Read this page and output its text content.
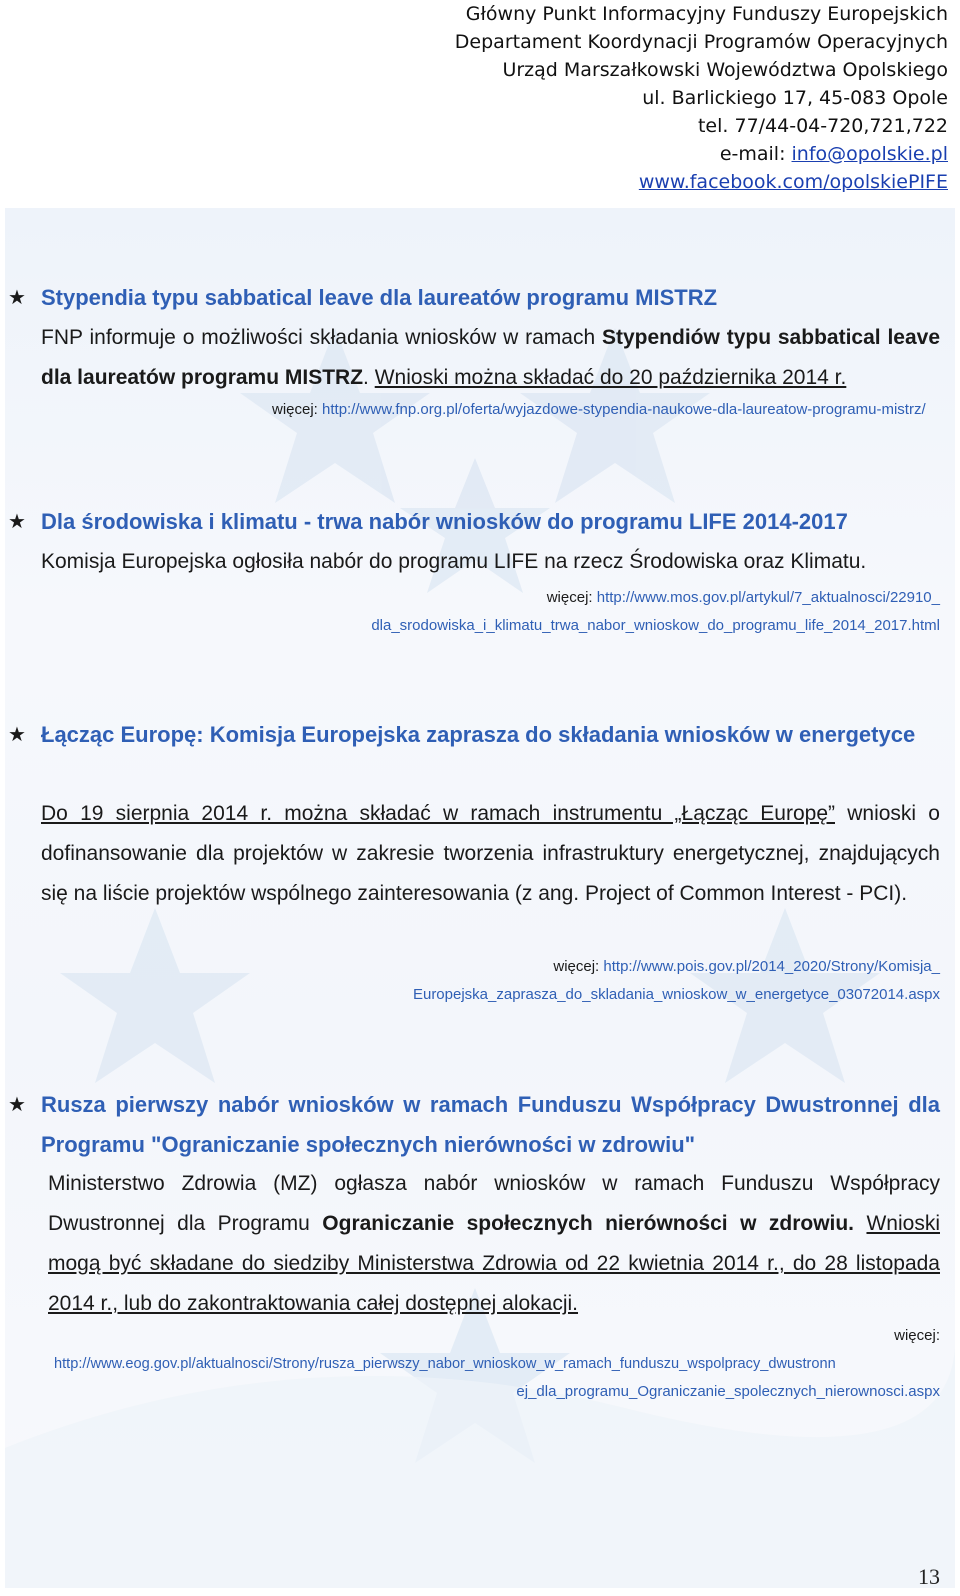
Główny Punkt Informacyjny Funduszy Europejskich
Departament Koordynacji Programów Operacyjnych
Urząd Marszałkowski Województwa Opolskiego
ul. Barlickiego 17, 45-083 Opole
tel. 77/44-04-720,721,722
e-mail: info@opolskie.pl
www.facebook.com/opolskiePIFE
★ Stypendia typu sabbatical leave dla laureatów programu MISTRZ
FNP informuje o możliwości składania wniosków w ramach Stypendiów typu sabbatical leave dla laureatów programu MISTRZ. Wnioski można składać do 20 października 2014 r.
więcej: http://www.fnp.org.pl/oferta/wyjazdowe-stypendia-naukowe-dla-laureatow-programu-mistrz/
★ Dla środowiska i klimatu - trwa nabór wniosków do programu LIFE 2014-2017
Komisja Europejska ogłosiła nabór do programu LIFE na rzecz Środowiska oraz Klimatu.
więcej: http://www.mos.gov.pl/artykul/7_aktualnosci/22910_
dla_srodowiska_i_klimatu_trwa_nabor_wnioskow_do_programu_life_2014_2017.html
★ Łącząc Europę: Komisja Europejska zaprasza do składania wniosków w energetyce
Do 19 sierpnia 2014 r. można składać w ramach instrumentu „Łącząc Europę” wnioski o dofinansowanie dla projektów w zakresie tworzenia infrastruktury energetycznej, znajdujących się na liście projektów wspólnego zainteresowania (z ang. Project of Common Interest - PCI).
więcej: http://www.pois.gov.pl/2014_2020/Strony/Komisja_
Europejska_zaprasza_do_skladania_wnioskow_w_energetyce_03072014.aspx
★ Rusza pierwszy nabór wniosków w ramach Funduszu Współpracy Dwustronnej dla Programu "Ograniczanie społecznych nierówności w zdrowiu"
Ministerstwo Zdrowia (MZ) ogłasza nabór wniosków w ramach Funduszu Współpracy Dwustronnej dla Programu Ograniczanie społecznych nierówności w zdrowiu. Wnioski mogą być składane do siedziby Ministerstwa Zdrowia od 22 kwietnia 2014 r., do 28 listopada 2014 r., lub do zakontraktowania całej dostępnej alokacji.
więcej:
http://www.eog.gov.pl/aktualnosci/Strony/rusza_pierwszy_nabor_wnioskow_w_ramach_funduszu_wspolpracy_dwustronn
ej_dla_programu_Ograniczanie_spolecznych_nierownosci.aspx
13
